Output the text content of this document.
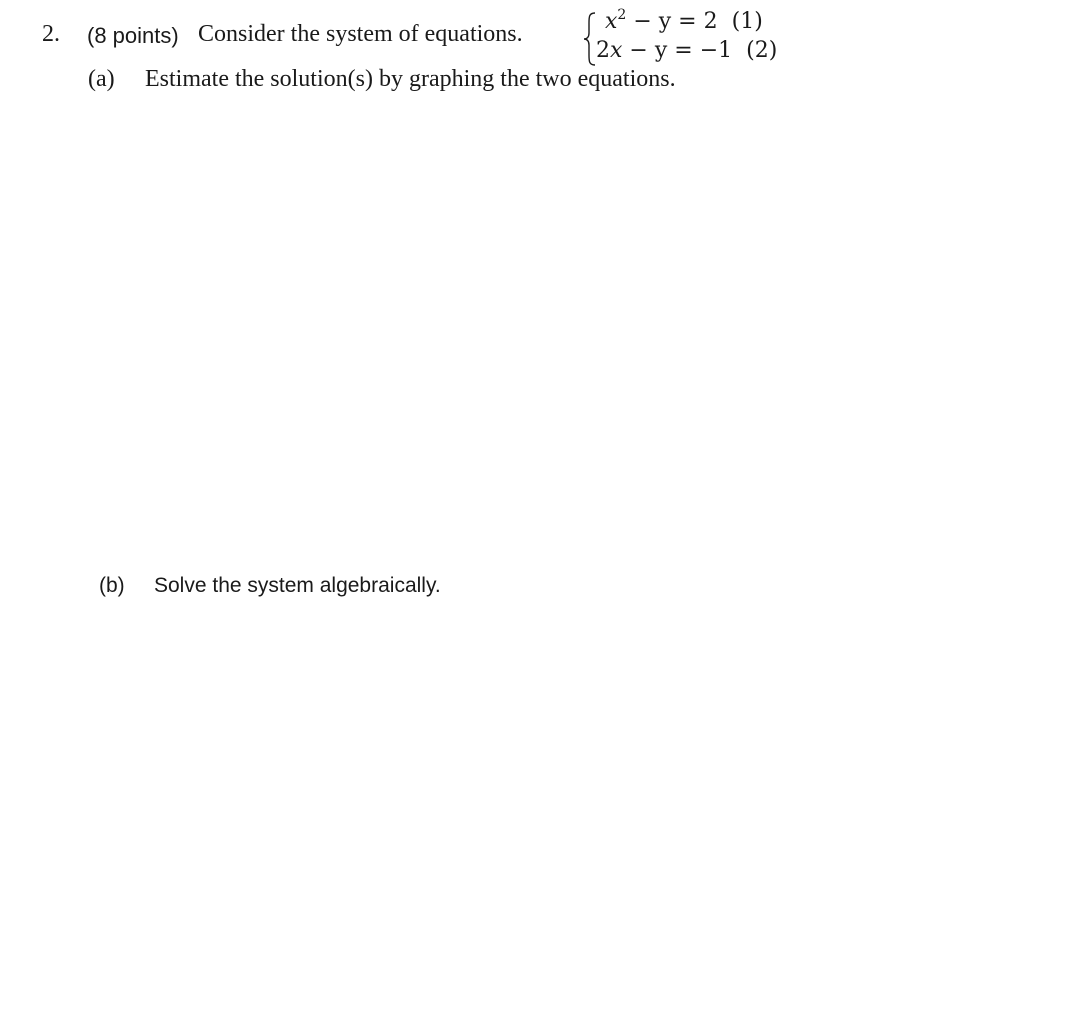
2. (8 points) Consider the system of equations.	$x^2 - y = 2$ (1)
2x − y = −1 (2)
(a) Estimate the solution(s) by graphing the two equations.
(b) Solve the system algebraically.
